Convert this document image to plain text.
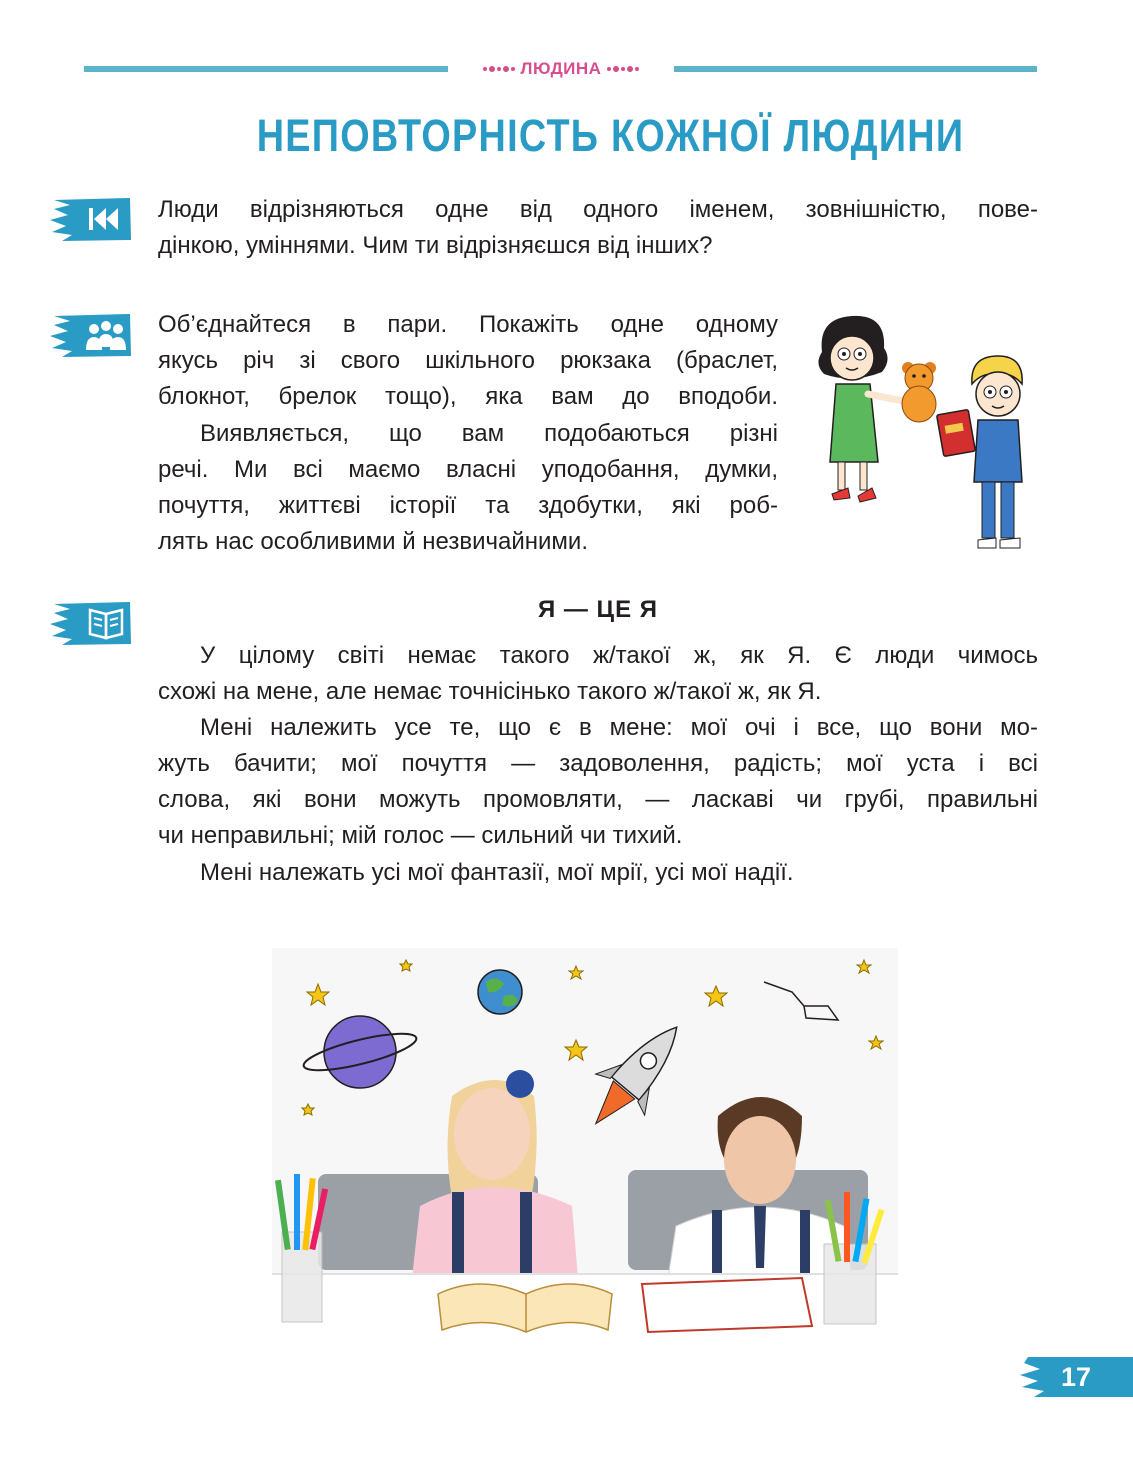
ЛЮДИНА
НЕПОВТОРНІСТЬ КОЖНОЇ ЛЮДИНИ

Люди відрізняються одне від одного іменем, зовнішністю, пове-

дінкою, уміннями. Чим ти відрізняєшся від інших?

Об’єднайтеся в пари. Покажіть одне одному

якусь річ зі свого шкільного рюкзака (браслет,

блокнот, брелок тощо), яка вам до вподоби.

Виявляється, що вам подобаються різні

речі. Ми всі маємо власні уподобання, думки,

почуття, життєві історії та здобутки, які роб-

лять нас особливими й незвичайними.

Я — ЦЕ Я

У цілому світі немає такого ж/такої ж, як Я. Є люди чимось

схожі на мене, але немає точнісінько такого ж/такої ж, як Я.

Мені належить усе те, що є в мене: мої очі і все, що вони мо-

жуть бачити; мої почуття — задоволення, радість; мої уста і всі

слова, які вони можуть промовляти, — ласкаві чи грубі, правильні

чи неправильні; мій голос — сильний чи тихий.

Мені належать усі мої фантазії, мої мрії, усі мої надії.

17
